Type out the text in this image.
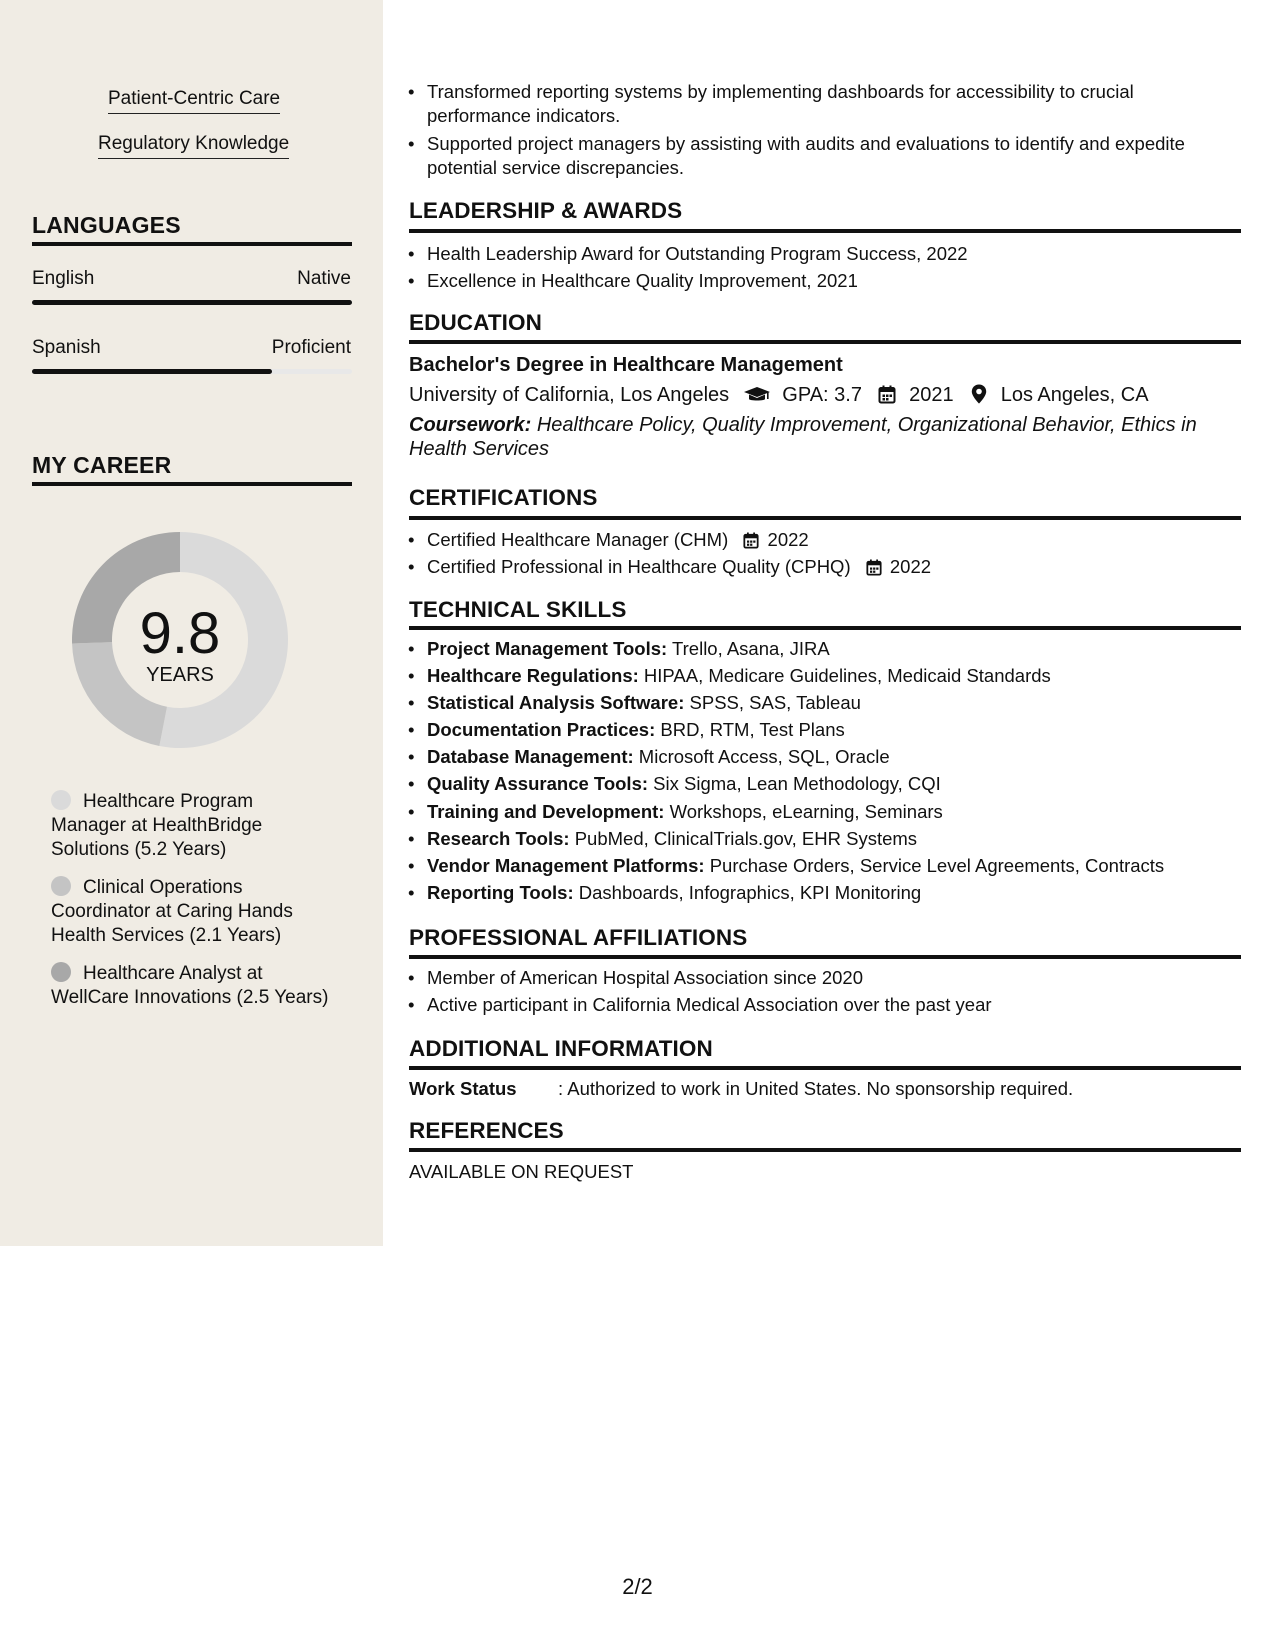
Patient-Centric Care
Regulatory Knowledge
LANGUAGES
English	Native
Spanish	Proficient
MY CAREER
9.8
YEARS
Healthcare Program Manager at HealthBridge Solutions (5.2 Years)
Clinical Operations Coordinator at Caring Hands Health Services (2.1 Years)
Healthcare Analyst at WellCare Innovations (2.5 Years)
• Transformed reporting systems by implementing dashboards for accessibility to crucial performance indicators.
• Supported project managers by assisting with audits and evaluations to identify and expedite potential service discrepancies.
LEADERSHIP & AWARDS
• Health Leadership Award for Outstanding Program Success, 2022
• Excellence in Healthcare Quality Improvement, 2021
EDUCATION
Bachelor's Degree in Healthcare Management
University of California, Los Angeles	GPA: 3.7 2021 Los Angeles, CA
Coursework: Healthcare Policy, Quality Improvement, Organizational Behavior, Ethics in Health Services
CERTIFICATIONS
• Certified Healthcare Manager (CHM) 2022
• Certified Professional in Healthcare Quality (CPHQ) 2022
TECHNICAL SKILLS
• Project Management Tools: Trello, Asana, JIRA
• Healthcare Regulations: HIPAA, Medicare Guidelines, Medicaid Standards
• Statistical Analysis Software: SPSS, SAS, Tableau
• Documentation Practices: BRD, RTM, Test Plans
• Database Management: Microsoft Access, SQL, Oracle
• Quality Assurance Tools: Six Sigma, Lean Methodology, CQI
• Training and Development: Workshops, eLearning, Seminars
• Research Tools: PubMed, ClinicalTrials.gov, EHR Systems
• Vendor Management Platforms: Purchase Orders, Service Level Agreements, Contracts
• Reporting Tools: Dashboards, Infographics, KPI Monitoring
PROFESSIONAL AFFILIATIONS
• Member of American Hospital Association since 2020
• Active participant in California Medical Association over the past year
ADDITIONAL INFORMATION
Work Status : Authorized to work in United States. No sponsorship required.
REFERENCES
AVAILABLE ON REQUEST
2/2
